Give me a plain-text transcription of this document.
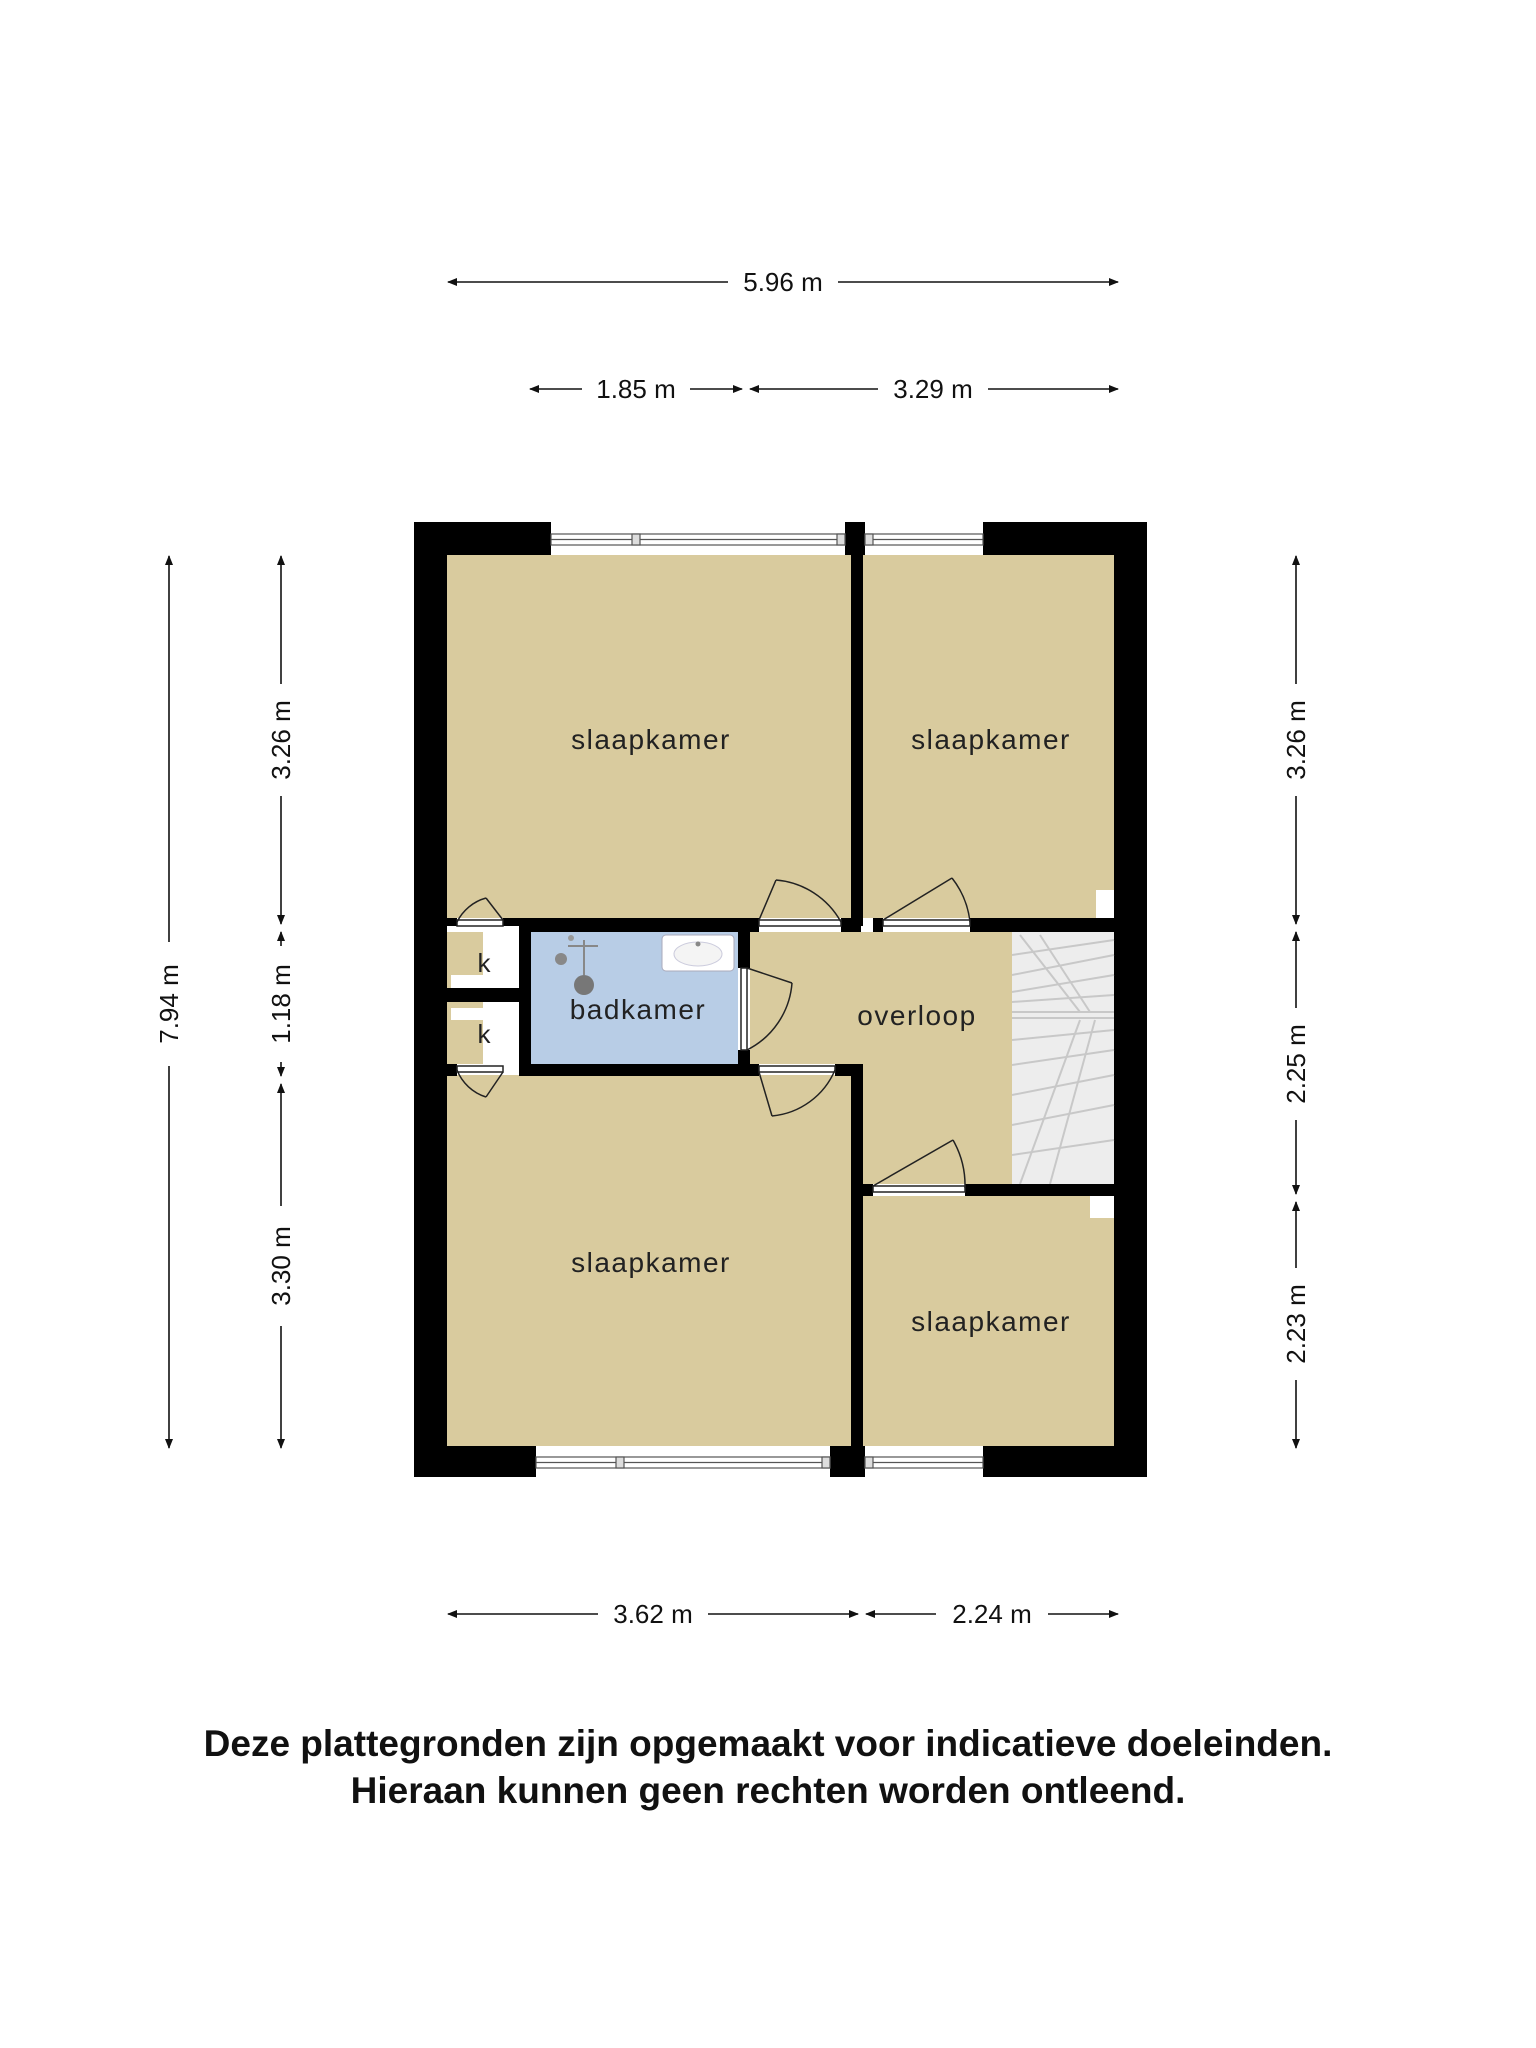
slaapkamer	slaapkamer
slaapkamer
slaapkamer
badkamer	overloop
k
k
5.96 m
1.85 m	3.29 m
3.62 m	2.24 m
7.94 m
3.26 m
1.18 m
3.30 m
3.26 m
2.25 m
2.23 m
Deze plattegronden zijn opgemaakt voor indicatieve doeleinden.
Hieraan kunnen geen rechten worden ontleend.
